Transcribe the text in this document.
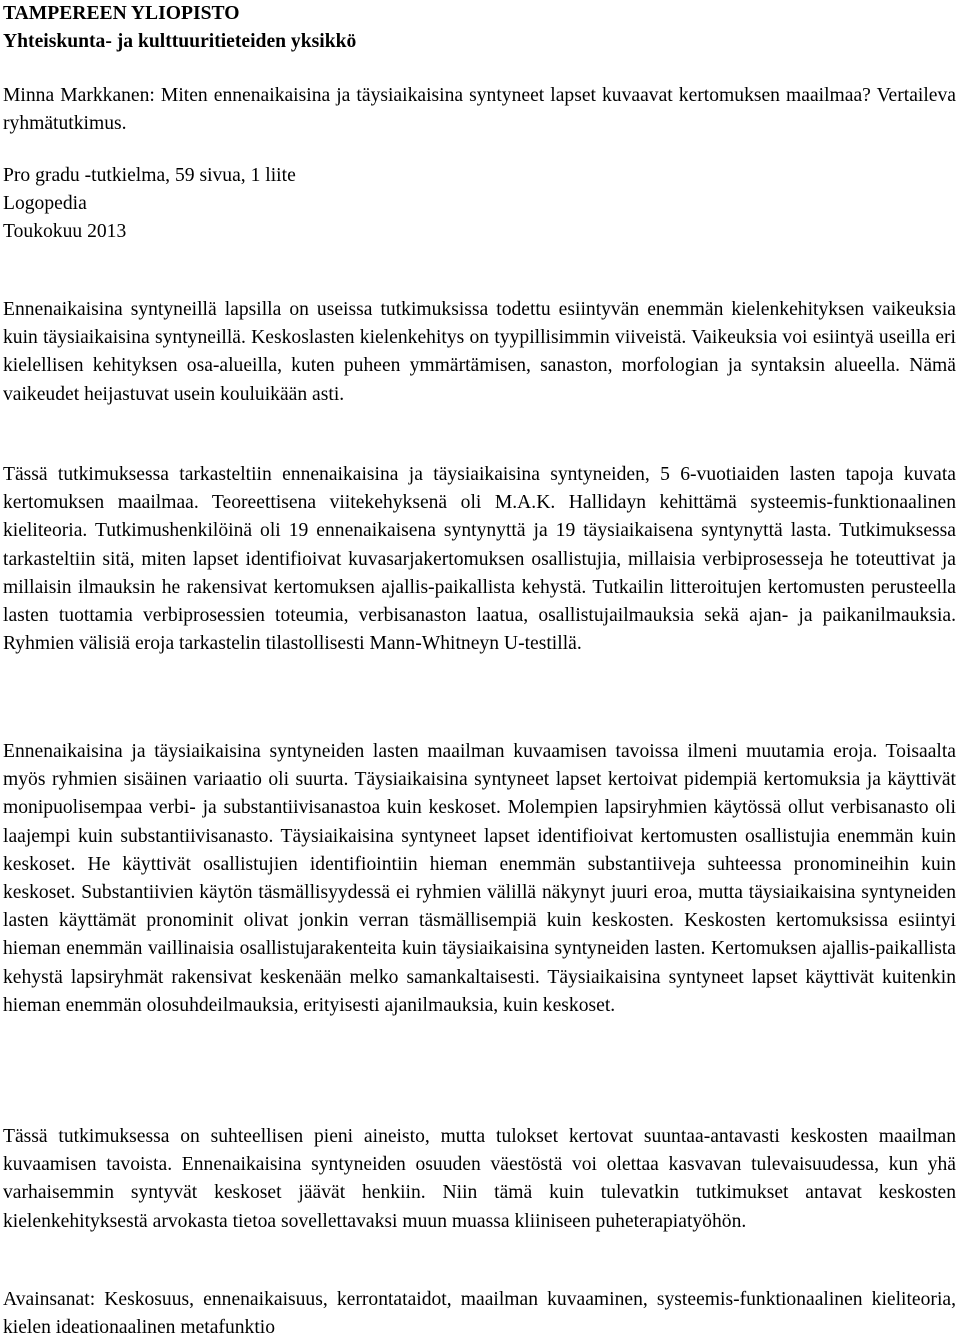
TAMPEREEN YLIOPISTO

Yhteiskunta- ja kulttuuritieteiden yksikkö

Minna Markkanen: Miten ennenaikaisina ja täysiaikaisina syntyneet lapset kuvaavat kertomuksen maailmaa? Vertaileva ryhmätutkimus.

Pro gradu -tutkielma, 59 sivua, 1 liite

Logopedia

Toukokuu 2013

Ennenaikaisina syntyneillä lapsilla on useissa tutkimuksissa todettu esiintyvän enemmän kielenkehityksen vaikeuksia kuin täysiaikaisina syntyneillä. Keskoslasten kielenkehitys on tyypillisimmin viiveistä. Vaikeuksia voi esiintyä useilla eri kielellisen kehityksen osa-alueilla, kuten puheen ymmärtämisen, sanaston, morfologian ja syntaksin alueella. Nämä vaikeudet heijastuvat usein kouluikään asti.

Tässä tutkimuksessa tarkasteltiin ennenaikaisina ja täysiaikaisina syntyneiden, 5 6-vuotiaiden lasten tapoja kuvata kertomuksen maailmaa. Teoreettisena viitekehyksenä oli M.A.K. Hallidayn kehittämä systeemis-funktionaalinen kieliteoria. Tutkimushenkilöinä oli 19 ennenaikaisena syntynyttä ja 19 täysiaikaisena syntynyttä lasta. Tutkimuksessa tarkasteltiin sitä, miten lapset identifioivat kuvasarjakertomuksen osallistujia, millaisia verbiprosesseja he toteuttivat ja millaisin ilmauksin he rakensivat kertomuksen ajallis-paikallista kehystä. Tutkailin litteroitujen kertomusten perusteella lasten tuottamia verbiprosessien toteumia, verbisanaston laatua, osallistujailmauksia sekä ajan- ja paikanilmauksia. Ryhmien välisiä eroja tarkastelin tilastollisesti Mann-Whitneyn U-testillä.

Ennenaikaisina ja täysiaikaisina syntyneiden lasten maailman kuvaamisen tavoissa ilmeni muutamia eroja. Toisaalta myös ryhmien sisäinen variaatio oli suurta. Täysiaikaisina syntyneet lapset kertoivat pidempiä kertomuksia ja käyttivät monipuolisempaa verbi- ja substantiivisanastoa kuin keskoset. Molempien lapsiryhmien käytössä ollut verbisanasto oli laajempi kuin substantiivisanasto. Täysiaikaisina syntyneet lapset identifioivat kertomusten osallistujia enemmän kuin keskoset. He käyttivät osallistujien identifiointiin hieman enemmän substantiiveja suhteessa pronomineihin kuin keskoset. Substantiivien käytön täsmällisyydessä ei ryhmien välillä näkynyt juuri eroa, mutta täysiaikaisina syntyneiden lasten käyttämät pronominit olivat jonkin verran täsmällisempiä kuin keskosten. Keskosten kertomuksissa esiintyi hieman enemmän vaillinaisia osallistujarakenteita kuin täysiaikaisina syntyneiden lasten. Kertomuksen ajallis-paikallista kehystä lapsiryhmät rakensivat keskenään melko samankaltaisesti. Täysiaikaisina syntyneet lapset käyttivät kuitenkin hieman enemmän olosuhdeilmauksia, erityisesti ajanilmauksia, kuin keskoset.

Tässä tutkimuksessa on suhteellisen pieni aineisto, mutta tulokset kertovat suuntaa-antavasti keskosten maailman kuvaamisen tavoista. Ennenaikaisina syntyneiden osuuden väestöstä voi olettaa kasvavan tulevaisuudessa, kun yhä varhaisemmin syntyvät keskoset jäävät henkiin. Niin tämä kuin tulevatkin tutkimukset antavat keskosten kielenkehityksestä arvokasta tietoa sovellettavaksi muun muassa kliiniseen puheterapiatyöhön.

Avainsanat: Keskosuus, ennenaikaisuus, kerrontataidot, maailman kuvaaminen, systeemis-funktionaalinen kieliteoria, kielen ideationaalinen metafunktio
